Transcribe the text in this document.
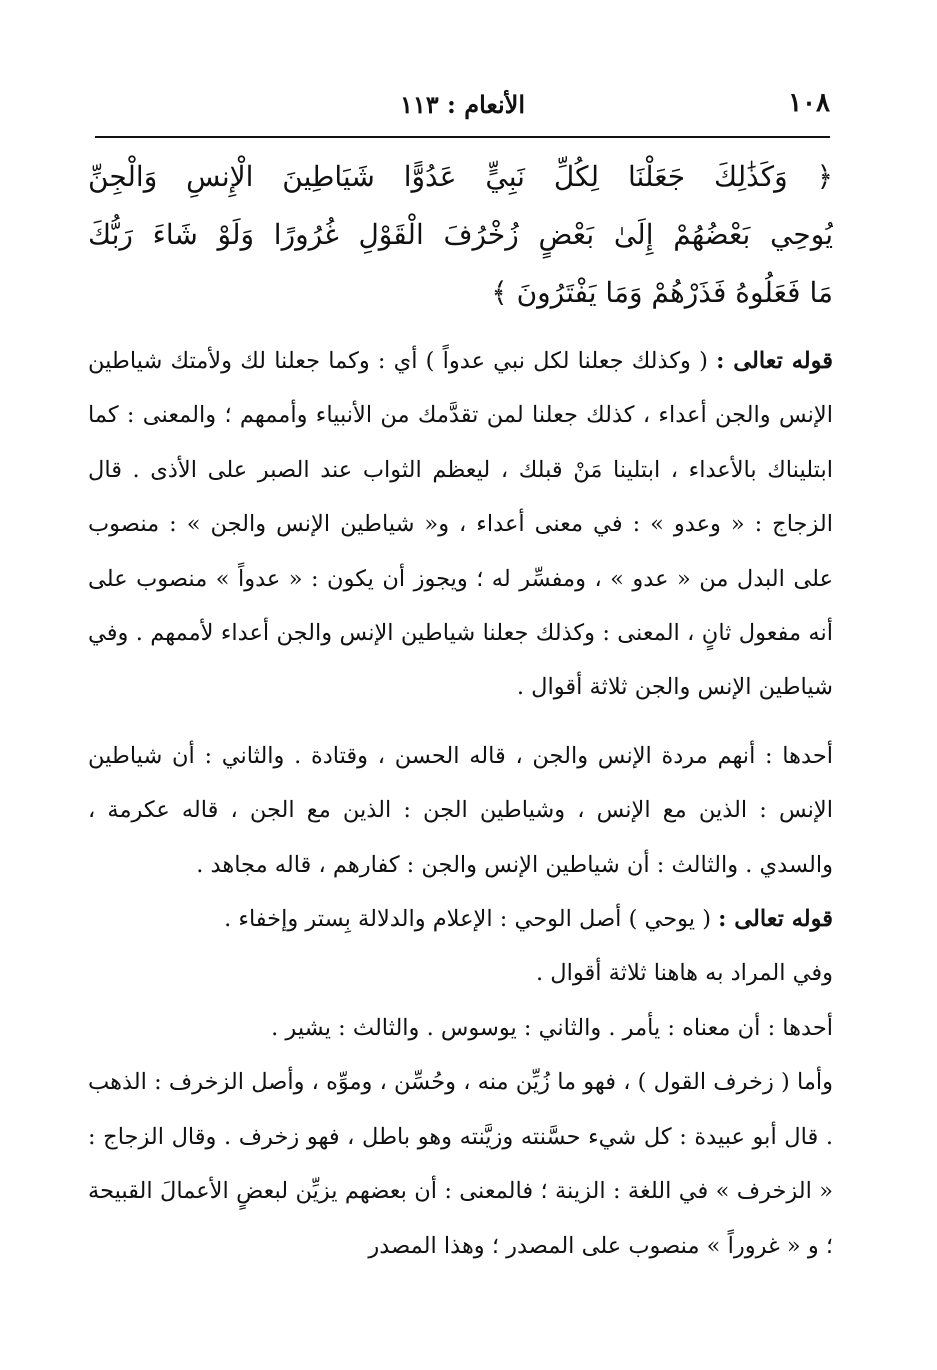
١٠٨
الأنعام : ١١٣
﴿ وَكَذَٰلِكَ جَعَلْنَا لِكُلِّ نَبِيٍّ عَدُوًّا شَيَاطِينَ الْإِنسِ وَالْجِنِّ
يُوحِي بَعْضُهُمْ إِلَىٰ بَعْضٍ زُخْرُفَ الْقَوْلِ غُرُورًا وَلَوْ شَاءَ رَبُّكَ
مَا فَعَلُوهُ فَذَرْهُمْ وَمَا يَفْتَرُونَ ﴾

قوله تعالى : ( وكذلك جعلنا لكل نبي عدواً ) أي : وكما جعلنا لك ولأمتك شياطين الإنس والجن أعداء ، كذلك جعلنا لمن تقدَّمك من الأنبياء وأممهم ؛ والمعنى : كما ابتليناك بالأعداء ، ابتلينا مَنْ قبلك ، ليعظم الثواب عند الصبر على الأذى . قال الزجاج : « وعدو » : في معنى أعداء ، و« شياطين الإنس والجن » : منصوب على البدل من « عدو » ، ومفسِّر له ؛ ويجوز أن يكون : « عدواً » منصوب على أنه مفعول ثانٍ ، المعنى : وكذلك جعلنا شياطين الإنس والجن أعداء لأممهم . وفي شياطين الإنس والجن ثلاثة أقوال .

أحدها : أنهم مردة الإنس والجن ، قاله الحسن ، وقتادة . والثاني : أن شياطين الإنس : الذين مع الإنس ، وشياطين الجن : الذين مع الجن ، قاله عكرمة ، والسدي . والثالث : أن شياطين الإنس والجن : كفارهم ، قاله مجاهد .

قوله تعالى : ( يوحي ) أصل الوحي : الإعلام والدلالة بِستر وإخفاء .

وفي المراد به هاهنا ثلاثة أقوال .

أحدها : أن معناه : يأمر . والثاني : يوسوس . والثالث : يشير .

وأما ( زخرف القول ) ، فهو ما زُيِّن منه ، وحُسِّن ، وموِّه ، وأصل الزخرف : الذهب . قال أبو عبيدة : كل شيء حسَّنته وزيَّنته وهو باطل ، فهو زخرف . وقال الزجاج : « الزخرف » في اللغة : الزينة ؛ فالمعنى : أن بعضهم يزيِّن لبعضٍ الأعمالَ القبيحة ؛ و « غروراً » منصوب على المصدر ؛ وهذا المصدر
